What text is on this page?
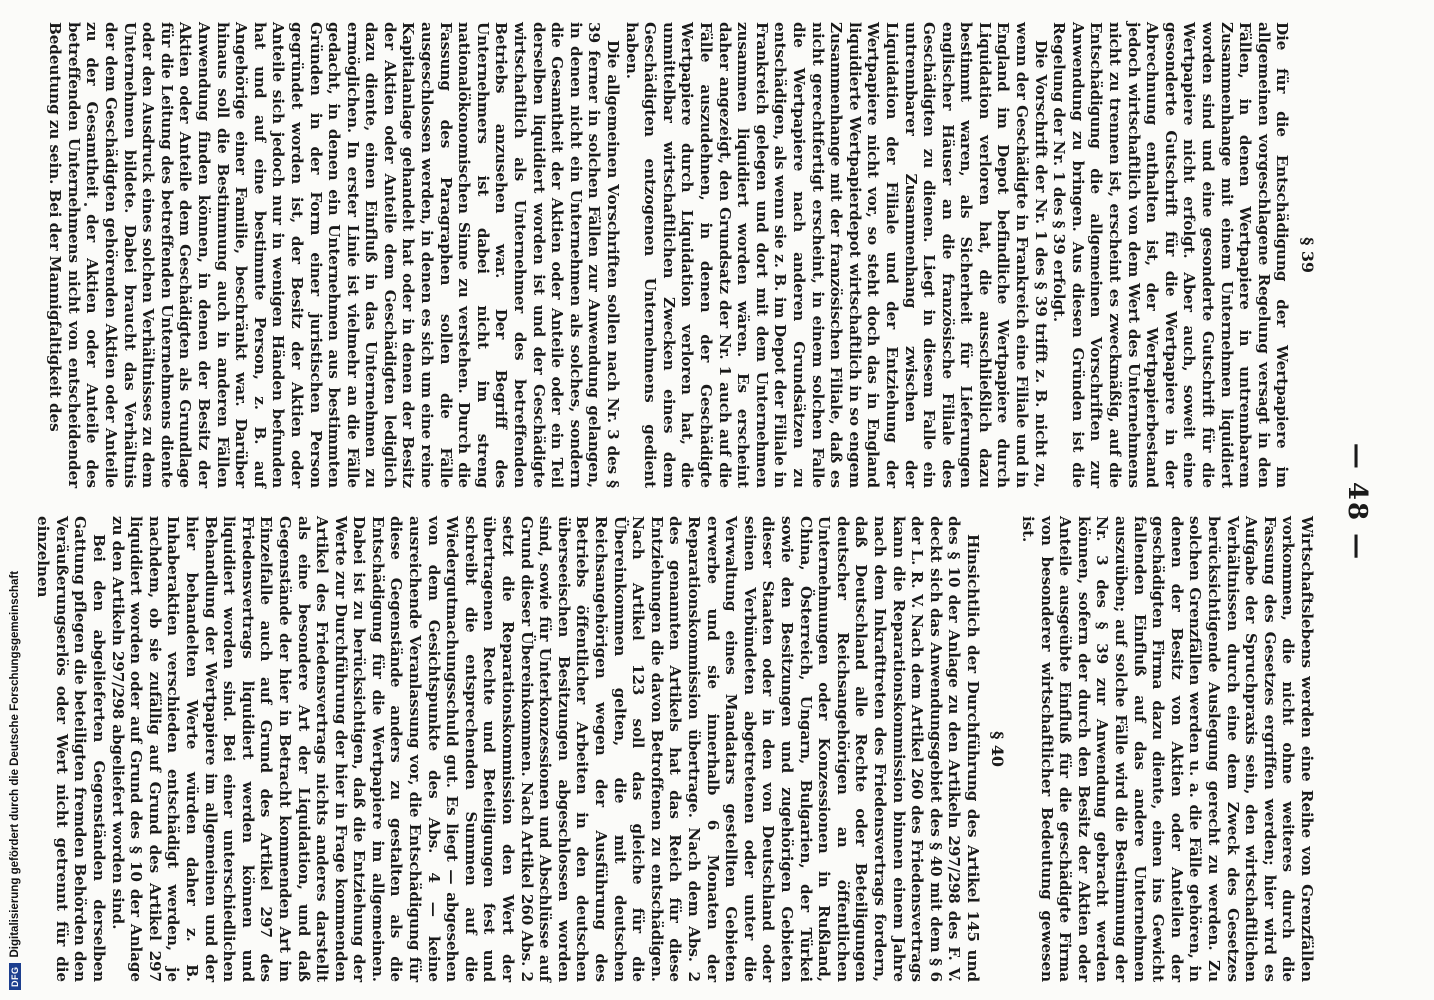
— 48 —
§ 39

Die für die Entschädigung der Wertpapiere im allgemeinen vorgeschlagene Regelung versagt in den Fällen, in denen Wertpapiere in untrennbarem Zusammenhange mit einem Unternehmen liquidiert worden sind und eine gesonderte Gutschrift für die Wertpapiere nicht erfolgt. Aber auch, soweit eine gesonderte Gutschrift für die Wertpapiere in der Abrechnung enthalten ist, der Wertpapierbestand jedoch wirtschaftlich von dem Wert des Unternehmens nicht zu trennen ist, erscheint es zweckmäßig, auf die Entschädigung die allgemeinen Vorschriften zur Anwendung zu bringen. Aus diesen Gründen ist die Regelung der Nr. 1 des § 39 erfolgt.

Die Vorschrift der Nr. 1 des § 39 trifft z. B. nicht zu, wenn der Geschädigte in Frankreich eine Filiale und in England im Depot befindliche Wertpapiere durch Liquidation verloren hat, die ausschließlich dazu bestimmt waren, als Sicherheit für Lieferungen englischer Häuser an die französische Filiale des Geschädigten zu dienen. Liegt in diesem Falle ein untrennbarer Zusammenhang zwischen der Liquidation der Filiale und der Entziehung der Wertpapiere nicht vor, so steht doch das in England liquidierte Wertpapierdepot wirtschaftlich in so engem Zusammenhange mit der französischen Filiale, daß es nicht gerechtfertigt erscheint, in einem solchen Falle die Wertpapiere nach anderen Grundsätzen zu entschädigen, als wenn sie z. B. im Depot der Filiale in Frankreich gelegen und dort mit dem Unternehmen zusammen liquidiert worden wären. Es erscheint daher angezeigt, den Grundsatz der Nr. 1 auch auf die Fälle auszudehnen, in denen der Geschädigte Wertpapiere durch Liquidation verloren hat, die unmittelbar wirtschaftlichen Zwecken eines dem Geschädigten entzogenen Unternehmens gedient haben.

Die allgemeinen Vorschriften sollen nach Nr. 3 des § 39 ferner in solchen Fällen zur Anwendung gelangen, in denen nicht ein Unternehmen als solches, sondern die Gesamtheit der Aktien oder Anteile oder ein Teil derselben liquidiert worden ist und der Geschädigte wirtschaftlich als Unternehmer des betreffenden Betriebs anzusehen war. Der Begriff des Unternehmers ist dabei nicht im streng nationalökonomischen Sinne zu verstehen. Durch die Fassung des Paragraphen sollen die Fälle ausgeschlossen werden, in denen es sich um eine reine Kapitalanlage gehandelt hat oder in denen der Besitz der Aktien oder Anteile dem Geschädigten lediglich dazu diente, einen Einfluß in das Unternehmen zu ermöglichen. In erster Linie ist vielmehr an die Fälle gedacht, in denen ein Unternehmen aus bestimmten Gründen in der Form einer juristischen Person gegründet worden ist, der Besitz der Aktien oder Anteile sich jedoch nur in wenigen Händen befunden hat und auf eine bestimmte Person, z. B. auf Angehörige einer Familie, beschränkt war. Darüber hinaus soll die Bestimmung auch in anderen Fällen Anwendung finden können, in denen der Besitz der Aktien oder Anteile dem Geschädigten als Grundlage für die Leitung des betreffenden Unternehmens diente oder den Ausdruck eines solchen Verhältnisses zu dem Unternehmen bildete. Dabei braucht das Verhältnis der dem Geschädigten gehörenden Aktien oder Anteile zu der Gesamtheit der Aktien oder Anteile des betreffenden Unternehmens nicht von entscheidender Bedeutung zu sein. Bei der Mannigfaltigkeit des

Wirtschaftslebens werden eine Reihe von Grenzfällen vorkommen, die nicht ohne weiteres durch die Fassung des Gesetzes ergriffen werden; hier wird es Aufgabe der Spruchpraxis sein, den wirtschaftlichen Verhältnissen durch eine dem Zweck des Gesetzes berücksichtigende Auslegung gerecht zu werden. Zu solchen Grenzfällen werden u. a. die Fälle gehören, in denen der Besitz von Aktien oder Anteilen der geschädigten Firma dazu diente, einen ins Gewicht fallenden Einfluß auf das andere Unternehmen auszuüben; auf solche Fälle wird die Bestimmung der Nr. 3 des § 39 zur Anwendung gebracht werden können, sofern der durch den Besitz der Aktien oder Anteile ausgeübte Einfluß für die geschädigte Firma von besonderer wirtschaftlicher Bedeutung gewesen ist.

§ 40

Hinsichtlich der Durchführung des Artikel 145 und des § 10 der Anlage zu den Artikeln 297/298 des F. V. deckt sich das Anwendungsgebiet des § 40 mit dem § 6 der L. R. V. Nach dem Artikel 260 des Friedensvertrags kann die Reparationskommission binnen einem Jahre nach dem Inkrafttreten des Friedensvertrags fordern, daß Deutschland alle Rechte oder Beteiligungen deutscher Reichsangehörigen an öffentlichen Unternehmungen oder Konzessionen in Rußland, China, Österreich, Ungarn, Bulgarien, der Türkei sowie den Besitzungen und zugehörigen Gebieten dieser Staaten oder in den von Deutschland oder seinen Verbündeten abgetretenen oder unter die Verwaltung eines Mandatars gestellten Gebieten erwerbe und sie innerhalb 6 Monaten der Reparationskommission übertrage. Nach dem Abs. 2 des genannten Artikels hat das Reich für diese Entziehungen die davon Betroffenen zu entschädigen. Nach Artikel 123 soll das gleiche für die Übereinkommen gelten, die mit deutschen Reichsangehörigen wegen der Ausführung des Betriebs öffentlicher Arbeiten in den deutschen überseeischen Besitzungen abgeschlossen worden sind, sowie für Unterkonzessionen und Abschlüsse auf Grund dieser Übereinkommen. Nach Artikel 260 Abs. 2 setzt die Reparationskommission den Wert der übertragenen Rechte und Beteiligungen fest und schreibt die entsprechenden Summen auf die Wiedergutmachungsschuld gut. Es liegt — abgesehen von dem Gesichtspunkte des Abs. 4 — keine ausreichende Veranlassung vor, die Entschädigung für diese Gegenstände anders zu gestalten als die Entschädigung für die Wertpapiere im allgemeinen. Dabei ist zu berücksichtigen, daß die Entziehung der Werte zur Durchführung der hier in Frage kommenden Artikel des Friedensvertrags nichts anderes darstellt als eine besondere Art der Liquidation, und daß Gegenstände der hier in Betracht kommenden Art im Einzelfalle auch auf Grund des Artikel 297 des Friedensvertrags liquidiert werden können und liquidiert worden sind. Bei einer unterschiedlichen Behandlung der Wertpapiere im allgemeinen und der hier behandelten Werte würden daher z. B. Inhaberaktien verschieden entschädigt werden, je nachdem, ob sie zufällig auf Grund des Artikel 297 liquidiert worden oder auf Grund des § 10 der Anlage zu den Artikeln 297/298 abgeliefert worden sind.

Bei den abgelieferten Gegenständen derselben Gattung pflegen die beteiligten fremden Behörden den Veräußerungserlös oder Wert nicht getrennt für die einzelnen

DFG
Digitalisierung gefördert durch die Deutsche Forschungsgemeinschaft
